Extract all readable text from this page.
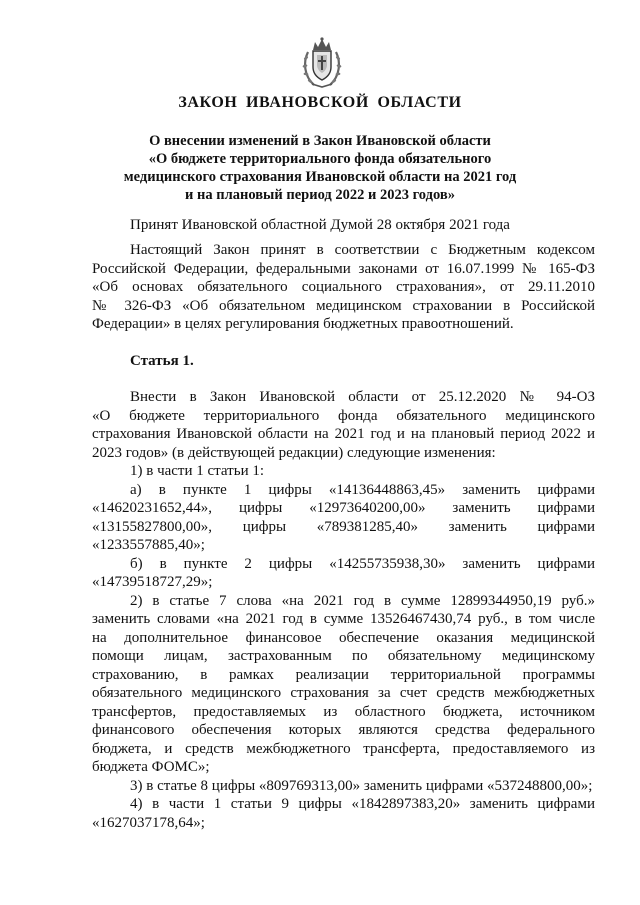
ЗАКОН ИВАНОВСКОЙ ОБЛАСТИ
О внесении изменений в Закон Ивановской области
«О бюджете территориального фонда обязательного
медицинского страхования Ивановской области на 2021 год
и на плановый период 2022 и 2023 годов»
Принят Ивановской областной Думой 28 октября 2021 года
Настоящий Закон принят в соответствии с Бюджетным кодексом
Российской Федерации, федеральными законами от 16.07.1999 № 165-ФЗ
«Об основах обязательного социального страхования», от 29.11.2010
№ 326-ФЗ «Об обязательном медицинском страховании в Российской
Федерации» в целях регулирования бюджетных правоотношений.
Статья 1.
Внести в Закон Ивановской области от 25.12.2020 № 94-ОЗ
«О бюджете территориального фонда обязательного медицинского
страхования Ивановской области на 2021 год и на плановый период 2022 и
2023 годов» (в действующей редакции) следующие изменения:
1) в части 1 статьи 1:
а) в пункте 1 цифры «14136448863,45» заменить цифрами
«14620231652,44», цифры «12973640200,00» заменить цифрами
«13155827800,00», цифры «789381285,40» заменить цифрами
«1233557885,40»;
б) в пункте 2 цифры «14255735938,30» заменить цифрами
«14739518727,29»;
2) в статье 7 слова «на 2021 год в сумме 12899344950,19 руб.»
заменить словами «на 2021 год в сумме 13526467430,74 руб., в том числе
на дополнительное финансовое обеспечение оказания медицинской
помощи лицам, застрахованным по обязательному медицинскому
страхованию, в рамках реализации территориальной программы
обязательного медицинского страхования за счет средств межбюджетных
трансфертов, предоставляемых из областного бюджета, источником
финансового обеспечения которых являются средства федерального
бюджета, и средств межбюджетного трансферта, предоставляемого из
бюджета ФОМС»;
3) в статье 8 цифры «809769313,00» заменить цифрами «537248800,00»;
4) в части 1 статьи 9 цифры «1842897383,20» заменить цифрами
«1627037178,64»;
